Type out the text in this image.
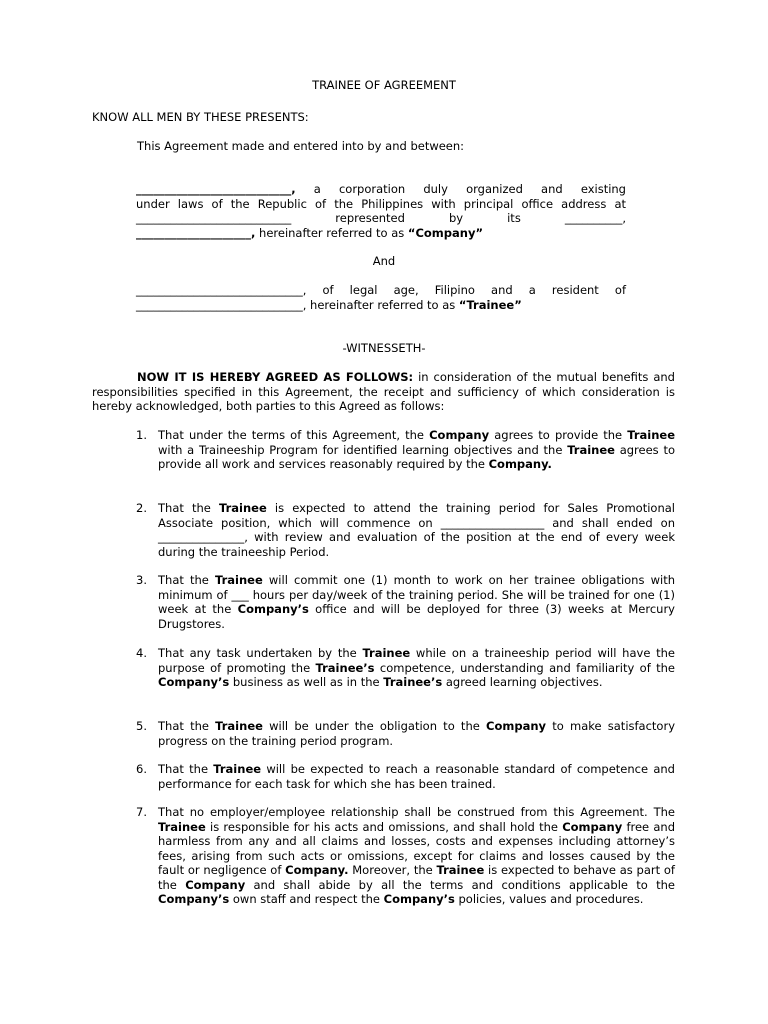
TRAINEE OF AGREEMENT

KNOW ALL MEN BY THESE PRESENTS:

This Agreement made and entered into by and between:

___________________________, a corporation duly organized and existing
under laws of the Republic of the Philippines with principal office address at
___________________________	represented by its __________,
____________________, hereinafter referred to as “Company”

And

_____________________________, of legal age, Filipino and a resident of
_____________________________, hereinafter referred to as “Trainee”

-WITNESSETH-

NOW IT IS HEREBY AGREED AS FOLLOWS: in consideration of the mutual benefits and responsibilities specified in this Agreement, the receipt and sufficiency of which consideration is hereby acknowledged, both parties to this Agreed as follows:

1. That under the terms of this Agreement, the Company agrees to provide the Trainee with a Traineeship Program for identified learning objectives and the Trainee agrees to provide all work and services reasonably required by the Company.
2. That the Trainee is expected to attend the training period for Sales Promotional Associate position, which will commence on __________________ and shall ended on _______________, with review and evaluation of the position at the end of every week during the traineeship Period.
3. That the Trainee will commit one (1) month to work on her trainee obligations with minimum of ___ hours per day/week of the training period. She will be trained for one (1) week at the Company’s office and will be deployed for three (3) weeks at Mercury Drugstores.
4. That any task undertaken by the Trainee while on a traineeship period will have the purpose of promoting the Trainee’s competence, understanding and familiarity of the Company’s business as well as in the Trainee’s agreed learning objectives.
5. That the Trainee will be under the obligation to the Company to make satisfactory progress on the training period program.
6. That the Trainee will be expected to reach a reasonable standard of competence and performance for each task for which she has been trained.
7. That no employer/employee relationship shall be construed from this Agreement. The Trainee is responsible for his acts and omissions, and shall hold the Company free and harmless from any and all claims and losses, costs and expenses including attorney’s fees, arising from such acts or omissions, except for claims and losses caused by the fault or negligence of Company. Moreover, the Trainee is expected to behave as part of the Company and shall abide by all the terms and conditions applicable to the Company’s own staff and respect the Company’s policies, values and procedures.
